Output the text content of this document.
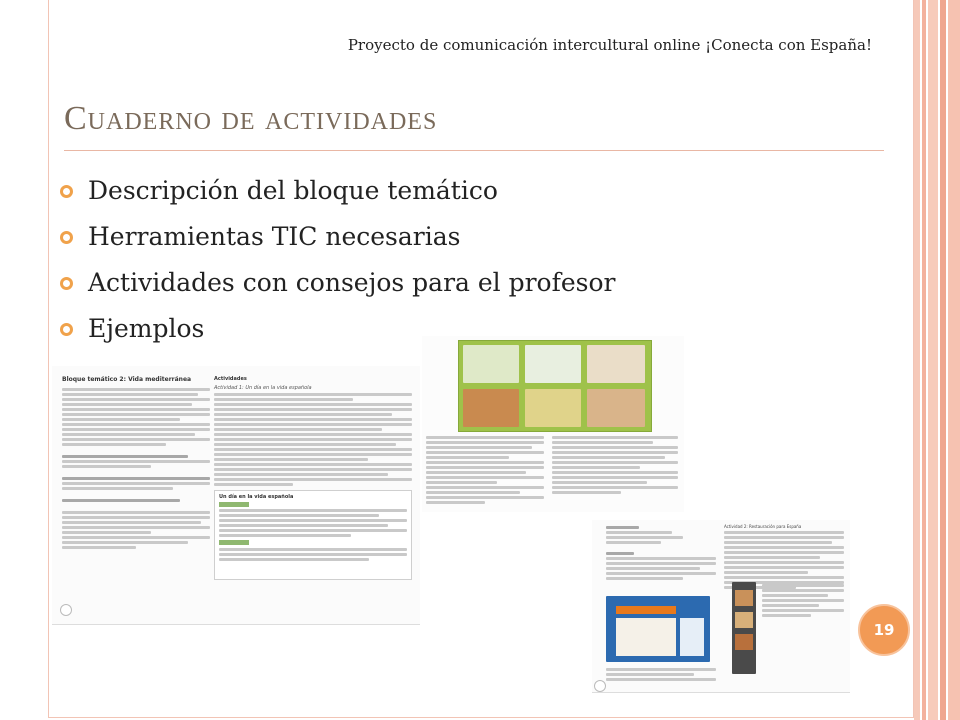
Proyecto de comunicación intercultural online ¡Conecta con España!
Cuaderno de actividades
Descripción del bloque temático
Herramientas TIC necesarias
Actividades con consejos para el profesor
Ejemplos
Bloque temático 2: Vida mediterránea	Actividades
Actividad 1: Un día en la vida española
Un día en la vida española
Actividad 2: Restauración para España
19
